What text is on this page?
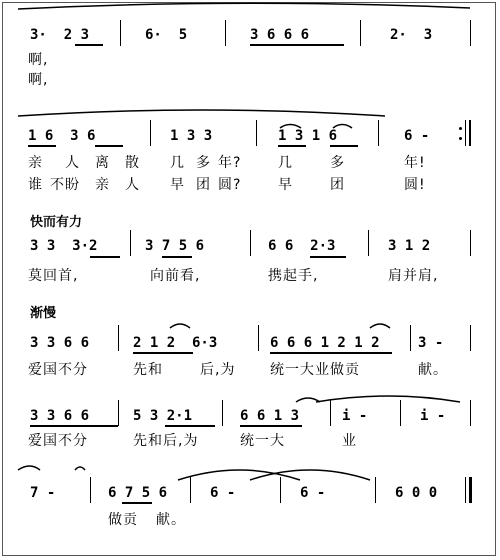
3·  2 3	6·  5	3 6 6 6	2·  3
啊,
啊,
1 6  3 6	1 3 3	1 3 1 6	6 -
亲 人 离 散 几 多 年?	几	多	年!
谁 不盼 亲 人 早 团 圆?	早	团	圆!
快而有力
3 3  3·2	3 7 5 6	6 6  2·3	3 1 2
莫回首,	向前看,	携起手,	肩并肩,
渐慢
3 3 6 6	2 1 2  6·3	6 6 6 1 2 1 2	3 -
爱国不分	先和	后,为 统一大业做贡	献。
3 3 6 6	5 3 2·1	6 6 1 3	i -	i -
爱国不分	先和后,为	统一大	业
7 -	6 7 5 6	6 -	6 -	6 0 0
做贡 献。
